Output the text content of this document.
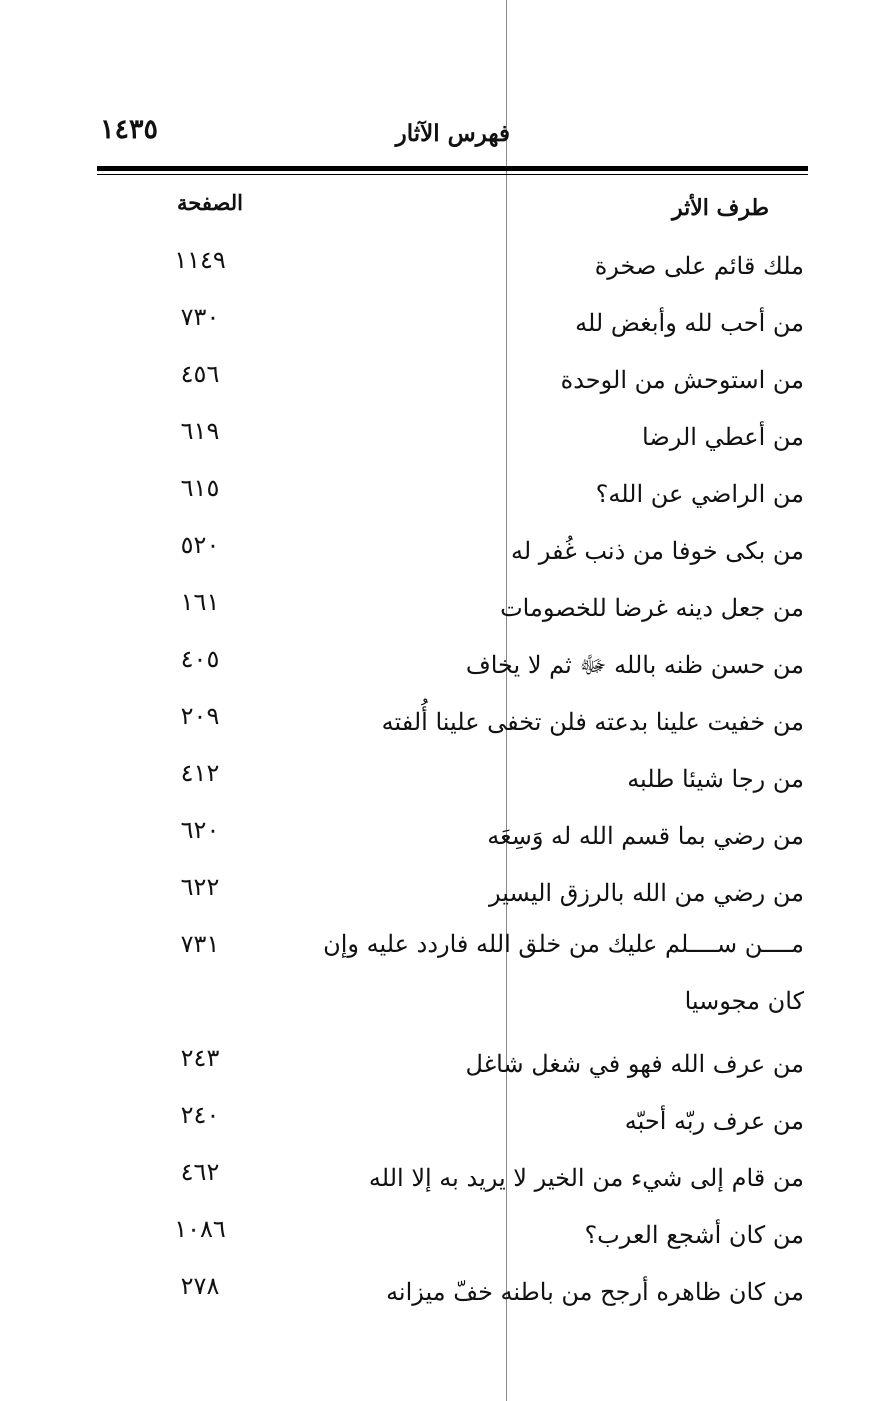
١٤٣٥	فهرس الآثار
طرف الأثر
الصفحة
ملك قائم على صخرة
١١٤٩
من أحب لله وأبغض لله
٧٣٠
من استوحش من الوحدة
٤٥٦
من أعطي الرضا
٦١٩
من الراضي عن الله؟
٦١٥
من بكى خوفا من ذنب غُفر له
٥٢٠
من جعل دينه غرضا للخصومات
١٦١
من حسن ظنه بالله ﷻ ثم لا يخاف
٤٠٥
من خفيت علينا بدعته فلن تخفى علينا أُلفته
٢٠٩
من رجا شيئا طلبه
٤١٢
من رضي بما قسم الله له وَسِعَه
٦٢٠
من رضي من الله بالرزق اليسير
٦٢٢
مــــن ســــلم عليك من خلق الله فاردد عليه وإن كان مجوسيا
٧٣١
من عرف الله فهو في شغل شاغل
٢٤٣
من عرف ربّه أحبّه
٢٤٠
من قام إلى شيء من الخير لا يريد به إلا الله
٤٦٢
من كان أشجع العرب؟
١٠٨٦
من كان ظاهره أرجح من باطنه خفّ ميزانه
٢٧٨
